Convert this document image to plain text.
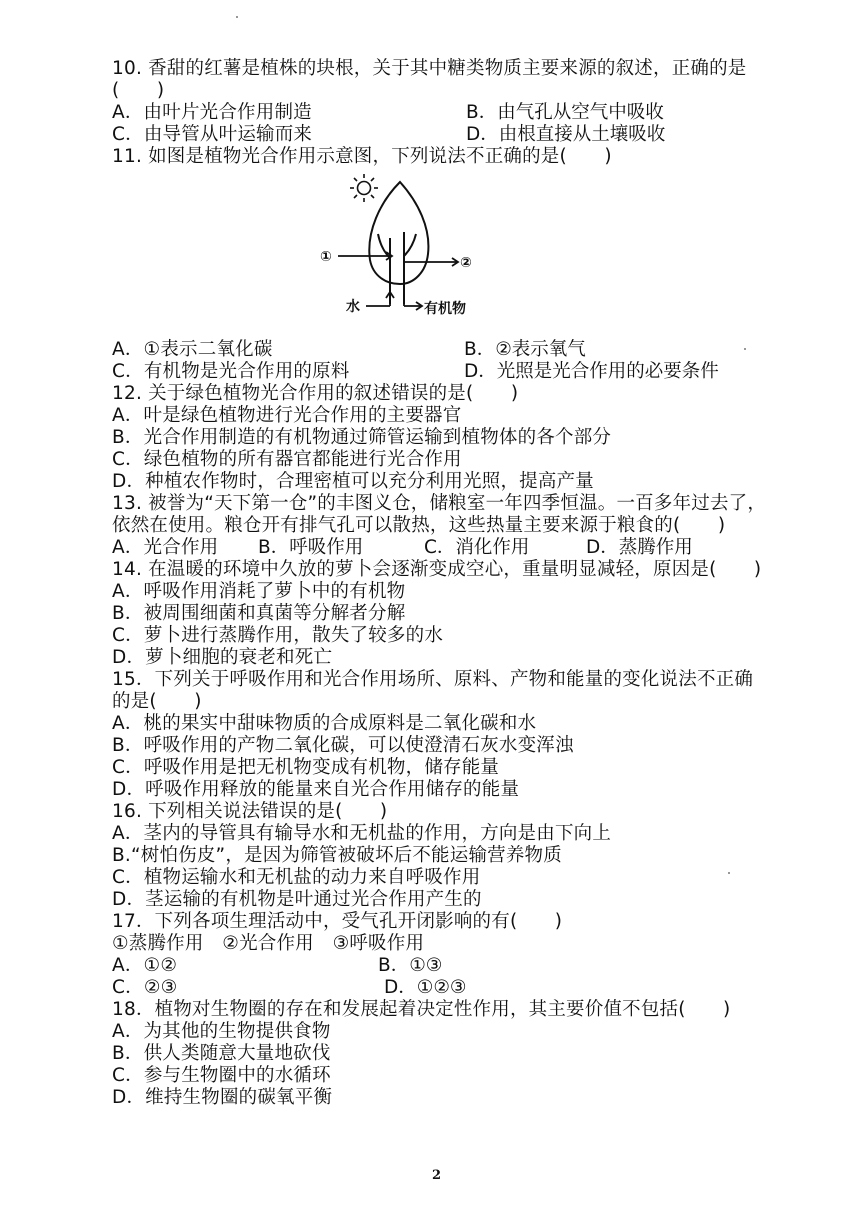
10. 香甜的红薯是植株的块根，关于其中糖类物质主要来源的叙述，正确的是
(　　)
A．由叶片光合作用制造	B．由气孔从空气中吸收
C．由导管从叶运输而来	D．由根直接从土壤吸收
11. 如图是植物光合作用示意图，下列说法不正确的是(　　)
①	②
水	有机物
A．①表示二氧化碳	B．②表示氧气
C．有机物是光合作用的原料	D．光照是光合作用的必要条件
12. 关于绿色植物光合作用的叙述错误的是(　　)
A．叶是绿色植物进行光合作用的主要器官
B．光合作用制造的有机物通过筛管运输到植物体的各个部分
C．绿色植物的所有器官都能进行光合作用
D．种植农作物时，合理密植可以充分利用光照，提高产量
13. 被誉为“天下第一仓”的丰图义仓，储粮室一年四季恒温。一百多年过去了，
依然在使用。粮仓开有排气孔可以散热，这些热量主要来源于粮食的(　　)
A．光合作用 B．呼吸作用	C．消化作用	D．蒸腾作用
14. 在温暖的环境中久放的萝卜会逐渐变成空心，重量明显减轻，原因是(　　)
A．呼吸作用消耗了萝卜中的有机物
B．被周围细菌和真菌等分解者分解
C．萝卜进行蒸腾作用，散失了较多的水
D．萝卜细胞的衰老和死亡
15．下列关于呼吸作用和光合作用场所、原料、产物和能量的变化说法不正确
的是(　　)
A．桃的果实中甜味物质的合成原料是二氧化碳和水
B．呼吸作用的产物二氧化碳，可以使澄清石灰水变浑浊
C．呼吸作用是把无机物变成有机物，储存能量
D．呼吸作用释放的能量来自光合作用储存的能量
16. 下列相关说法错误的是(　　)
A．茎内的导管具有输导水和无机盐的作用，方向是由下向上
B.“树怕伤皮”，是因为筛管被破坏后不能运输营养物质
C．植物运输水和无机盐的动力来自呼吸作用
D．茎运输的有机物是叶通过光合作用产生的
17．下列各项生理活动中，受气孔开闭影响的有(　　)
①蒸腾作用　②光合作用　③呼吸作用
A．①②	B．①③
C．②③	D．①②③
18．植物对生物圈的存在和发展起着决定性作用，其主要价值不包括(　　)
A．为其他的生物提供食物
B．供人类随意大量地砍伐
C．参与生物圈中的水循环
D．维持生物圈的碳氧平衡
2
